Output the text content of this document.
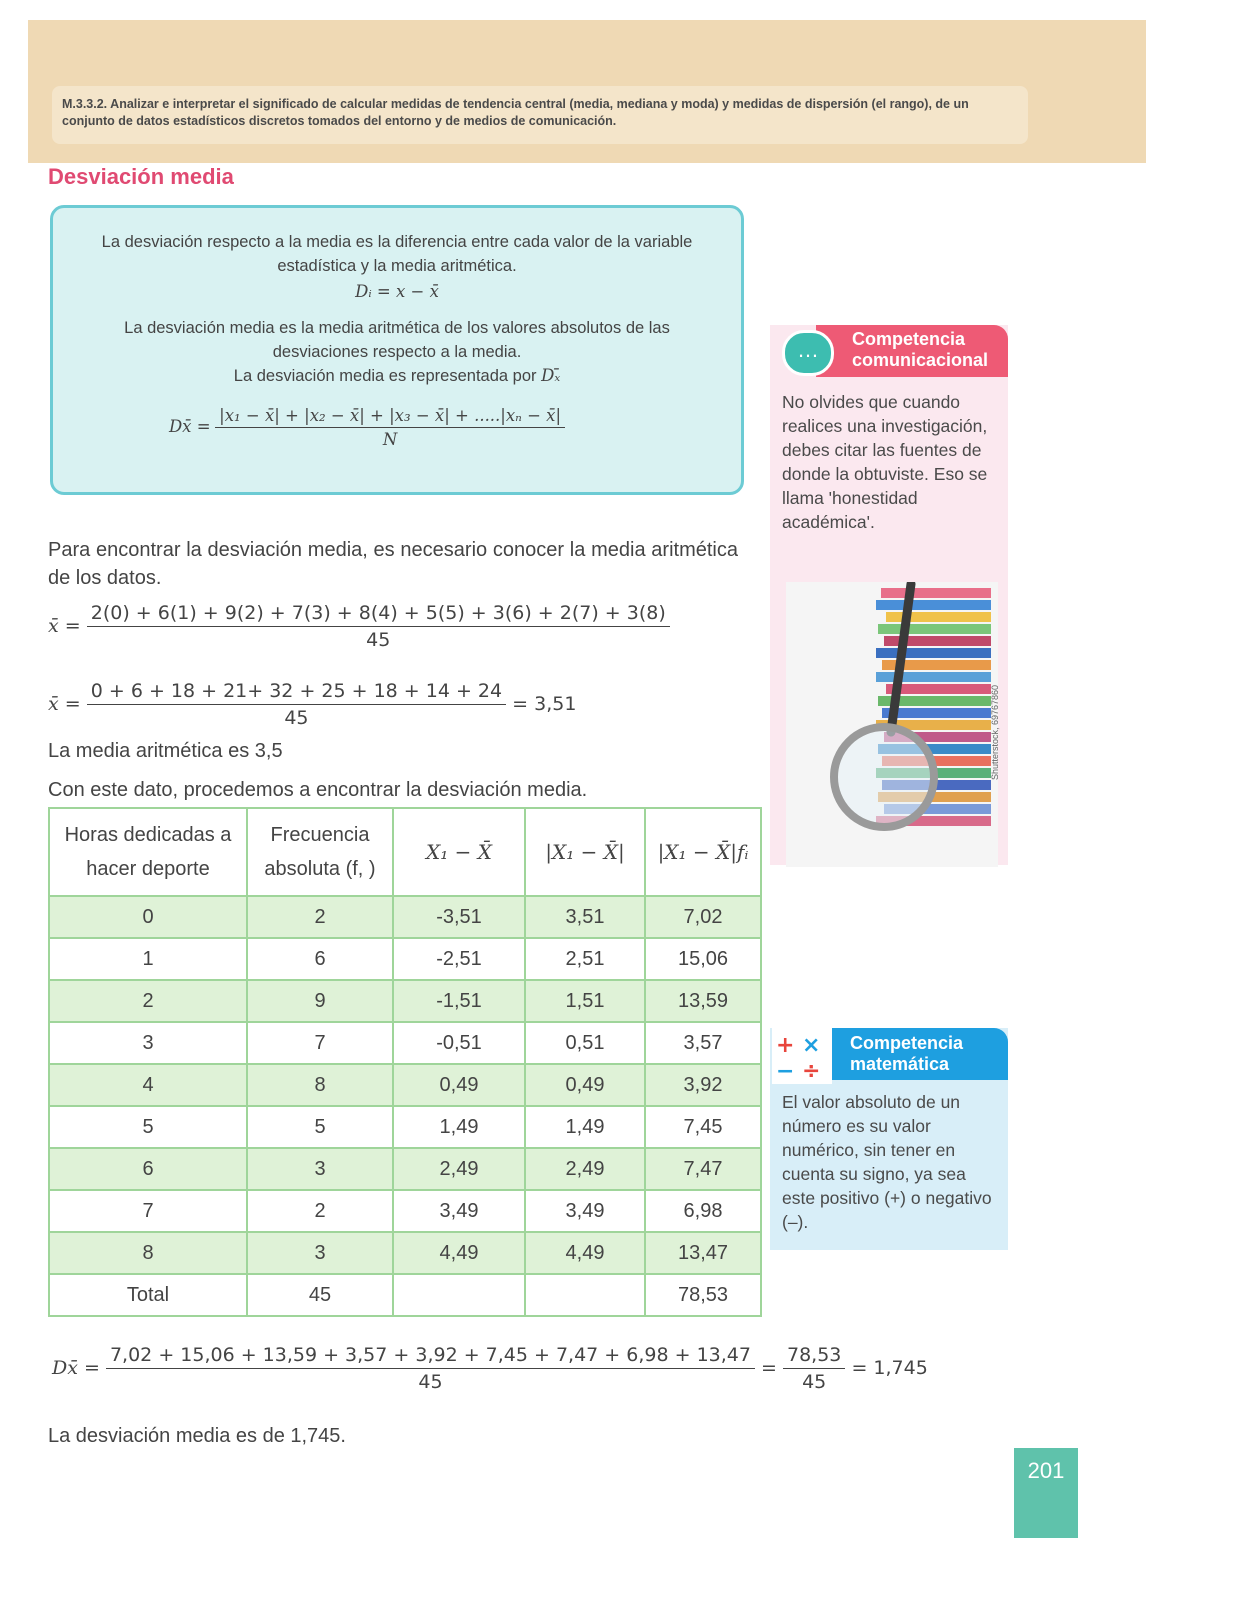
M.3.3.2. Analizar e interpretar el significado de calcular medidas de tendencia central (media, mediana y moda) y medidas de dispersión (el rango), de un conjunto de datos estadísticos discretos tomados del entorno y de medios de comunicación.
Desviación media

La desviación respecto a la media es la diferencia entre cada valor de la variable estadística y la media aritmética.

Dᵢ = x − x̄

La desviación media es la media aritmética de los valores absolutos de las desviaciones respecto a la media.

La desviación media es representada por Dₓ̄

Dx̄ = $\frac{\text{|x₁ − x̄| + |x₂ − x̄| + |x₃ − x̄| + .....|xₙ − x̄|}}{N}$
Para encontrar la desviación media, es necesario conocer la media aritmética de los datos.
x̄ = $\frac{2(0) + 6(1) + 9(2) + 7(3) + 8(4) + 5(5) + 3(6) + 2(7) + 3(8)}{45}$
x̄ = $\frac{0 + 6 + 18 + 21+ 32 + 25 + 18 + 14 + 24}{45} = 3,51$
La media aritmética es 3,5
Con este dato, procedemos a encontrar la desviación media.
Horas dedicadas a hacer deporte	Frecuencia absoluta (f, )	X₁ − X̄	|X₁ − X̄|	|X₁ − X̄|fᵢ
0	2	-3,51	3,51	7,02
1	6	-2,51	2,51	15,06
2	9	-1,51	1,51	13,59
3	7	-0,51	0,51	3,57
4	8	0,49	0,49	3,92
5	5	1,49	1,49	7,45
6	3	2,49	2,49	7,47
7	2	3,49	3,49	6,98
8	3	4,49	4,49	13,47
Total	45			78,53
Dx̄ =
7,02 + 15,06 + 13,59 + 3,57 + 3,92 + 7,45 + 7,47 + 6,98 + 13,47
45
= $\frac{78,53}{45} = 1,745$
La desviación media es de 1,745.
Competencia comunicacional
…
No olvides que cuando realices una investigación, debes citar las fuentes de donde la obtuviste. Eso se llama 'honestidad académica'.
Shutterstock, 69767860
Competencia matemática
+ ×
− ÷
El valor absoluto de un número es su valor numérico, sin tener en cuenta su signo, ya sea este positivo (+) o negativo (–).
201
